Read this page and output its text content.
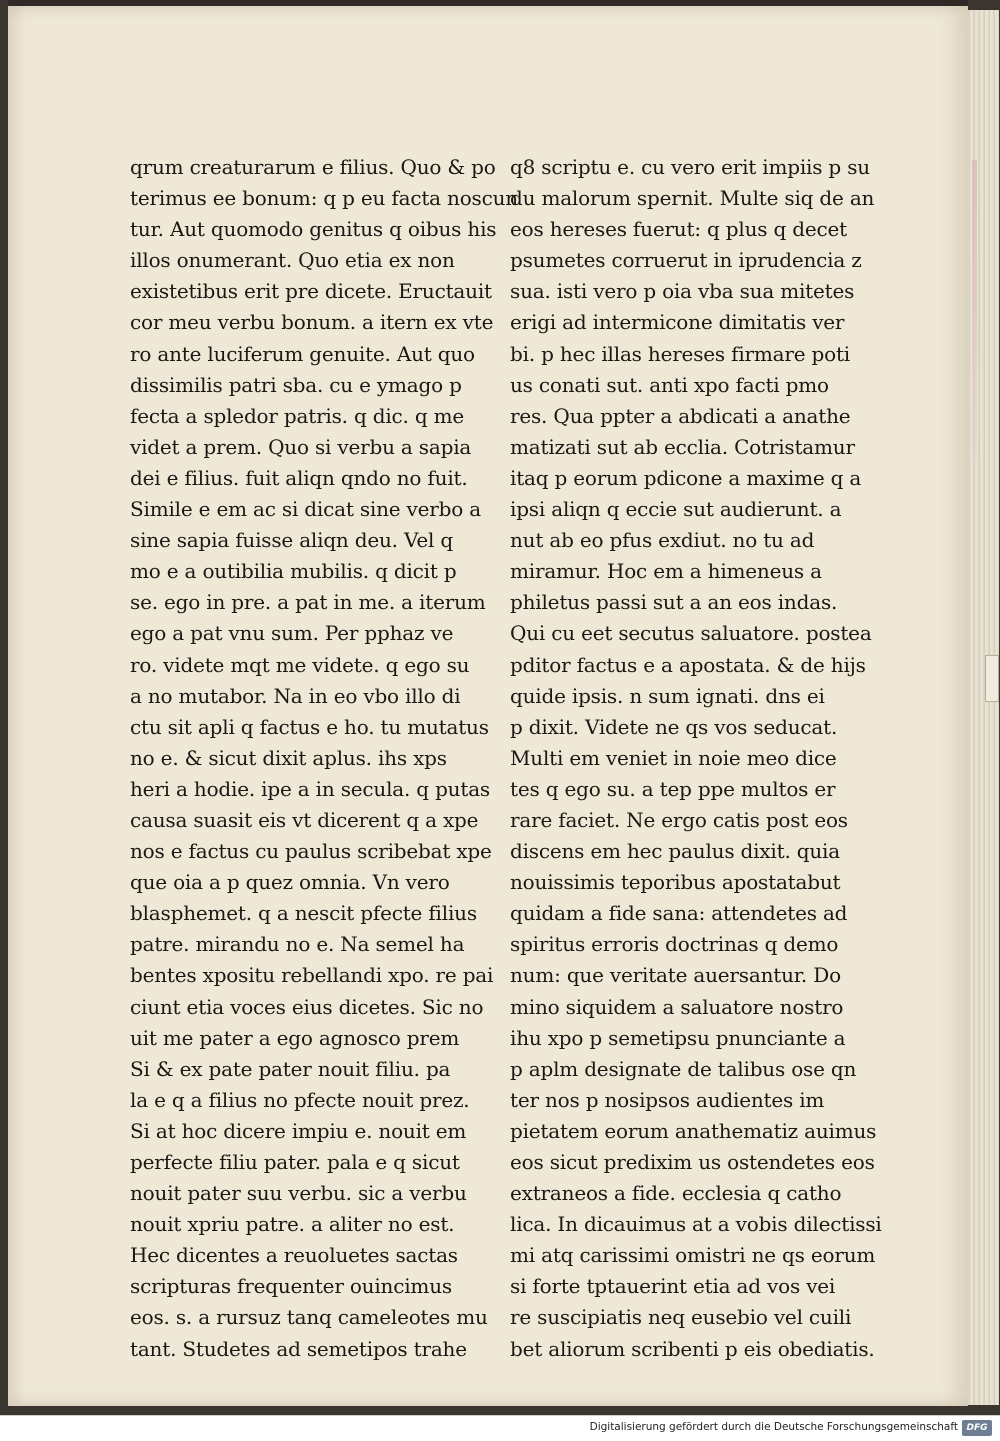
qrum creaturarum e filius. Quo & po
terimus ee bonum: q p eu facta noscun
tur. Aut quomodo genitus q oibus his
illos onumerant. Quo etia ex non
existetibus erit pre dicete. Eructauit
cor meu verbu bonum. a itern ex vte
ro ante luciferum genuite. Aut quo
dissimilis patri sba. cu e ymago p
fecta a spledor patris. q dic. q me
videt a prem. Quo si verbu a sapia
dei e filius. fuit aliqn qndo no fuit.
Simile e em ac si dicat sine verbo a
sine sapia fuisse aliqn deu. Vel q
mo e a outibilia mubilis. q dicit p
se. ego in pre. a pat in me. a iterum
ego a pat vnu sum. Per pphaz ve
ro. videte mqt me videte. q ego su
a no mutabor. Na in eo vbo illo di
ctu sit apli q factus e ho. tu mutatus
no e. & sicut dixit aplus. ihs xps
heri a hodie. ipe a in secula. q putas
causa suasit eis vt dicerent q a xpe
nos e factus cu paulus scribebat xpe
que oia a p quez omnia. Vn vero
blasphemet. q a nescit pfecte filius
patre. mirandu no e. Na semel ha
bentes xpositu rebellandi xpo. re pai
ciunt etia voces eius dicetes. Sic no
uit me pater a ego agnosco prem
Si & ex pate pater nouit filiu. pa
la e q a filius no pfecte nouit prez.
Si at hoc dicere impiu e. nouit em
perfecte filiu pater. pala e q sicut
nouit pater suu verbu. sic a verbu
nouit xpriu patre. a aliter no est.
Hec dicentes a reuoluetes sactas
scripturas frequenter ouincimus
eos. s. a rursuz tanq cameleotes mu
tant. Studetes ad semetipos trahe
q8 scriptu e. cu vero erit impiis p su
du malorum spernit. Multe siq de an
eos hereses fuerut: q plus q decet
psumetes corruerut in iprudencia z
sua. isti vero p oia vba sua mitetes
erigi ad intermicone dimitatis ver
bi. p hec illas hereses firmare poti
us conati sut. anti xpo facti pmo
res. Qua ppter a abdicati a anathe
matizati sut ab ecclia. Cotristamur
itaq p eorum pdicone a maxime q a
ipsi aliqn q eccie sut audierunt. a
nut ab eo pfus exdiut. no tu ad
miramur. Hoc em a himeneus a
philetus passi sut a an eos indas.
Qui cu eet secutus saluatore. postea
pditor factus e a apostata. & de hijs
quide ipsis. n sum ignati. dns ei
p dixit. Videte ne qs vos seducat.
Multi em veniet in noie meo dice
tes q ego su. a tep ppe multos er
rare faciet. Ne ergo catis post eos
discens em hec paulus dixit. quia
nouissimis teporibus apostatabut
quidam a fide sana: attendetes ad
spiritus erroris doctrinas q demo
num: que veritate auersantur. Do
mino siquidem a saluatore nostro
ihu xpo p semetipsu pnunciante a
p aplm designate de talibus ose qn
ter nos p nosipsos audientes im
pietatem eorum anathematiz auimus
eos sicut predixim us ostendetes eos
extraneos a fide. ecclesia q catho
lica. In dicauimus at a vobis dilectissi
mi atq carissimi omistri ne qs eorum
si forte tptauerint etia ad vos vei
re suscipiatis neq eusebio vel cuili
bet aliorum scribenti p eis obediatis.
Digitalisierung gefördert durch die Deutsche Forschungsgemeinschaft DFG
